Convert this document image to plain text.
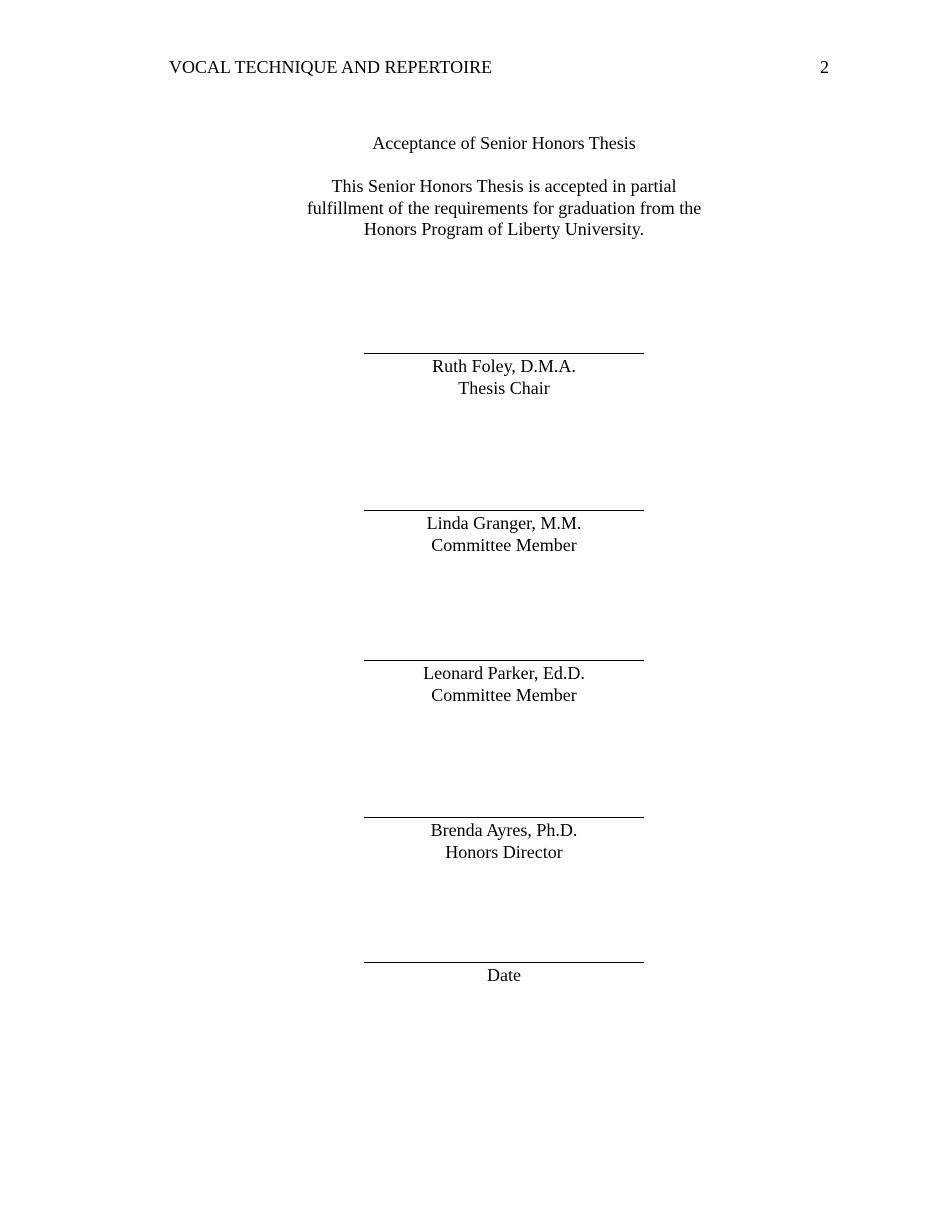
VOCAL TECHNIQUE AND REPERTOIRE	2
Acceptance of Senior Honors Thesis
This Senior Honors Thesis is accepted in partial
fulfillment of the requirements for graduation from the
Honors Program of Liberty University.
Ruth Foley, D.M.A.
Thesis Chair
Linda Granger, M.M.
Committee Member
Leonard Parker, Ed.D.
Committee Member
Brenda Ayres, Ph.D.
Honors Director
Date
